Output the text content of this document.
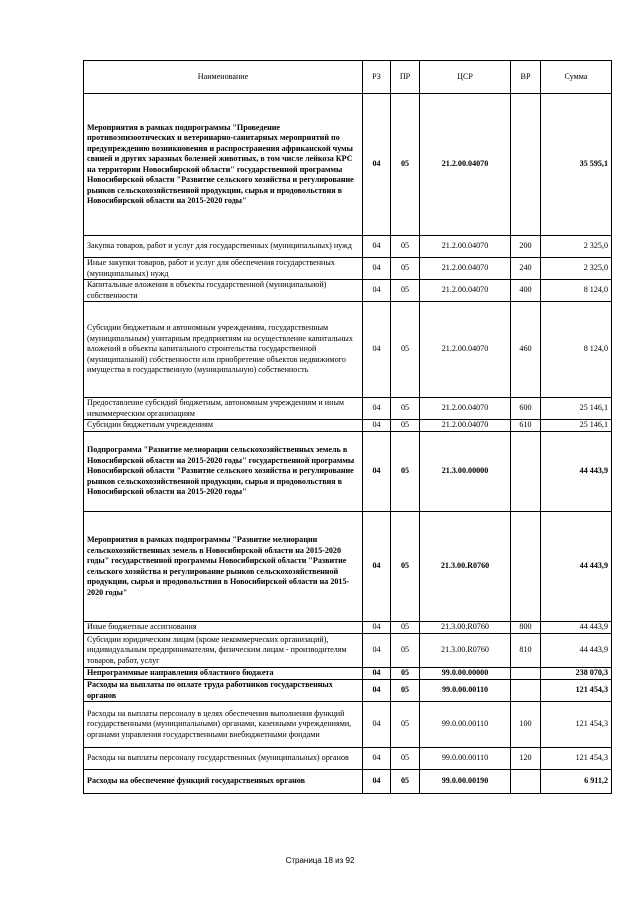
Наименование	РЗ	ПР	ЦСР	ВР	Сумма
Мероприятия в рамках подпрограммы "Проведение противоэпизоотических и ветеринарно-санитарных мероприятий по предупреждению возникновения и распространения африканской чумы свиней и других заразных болезней животных, в том числе лейкоза КРС на территории Новосибирской области" государственной программы Новосибирской области "Развитие сельского хозяйства и регулирование рынков сельскохозяйственной продукции, сырья и продовольствия в Новосибирской области на 2015-2020 годы"	04	05	21.2.00.04070		35 595,1
Закупка товаров, работ и услуг для государственных (муниципальных) нужд	04	05	21.2.00.04070	200	2 325,0
Иные закупки товаров, работ и услуг для обеспечения государственных (муниципальных) нужд	04	05	21.2.00.04070	240	2 325,0
Капитальные вложения в объекты государственной (муниципальной) собственности	04	05	21.2.00.04070	400	8 124,0
Субсидии бюджетным и автономным учреждениям, государственным (муниципальным) унитарным предприятиям на осуществление капитальных вложений в объекты капитального строительства государственной (муниципальной) собственности или приобретение объектов недвижимого имущества в государственную (муниципальную) собственность	04	05	21.2.00.04070	460	8 124,0
Предоставление субсидий бюджетным, автономным учреждениям и иным некоммерческим организациям	04	05	21.2.00.04070	600	25 146,1
Субсидии бюджетным учреждениям	04	05	21.2.00.04070	610	25 146,1
Подпрограмма "Развитие мелиорации сельскохозяйственных земель в Новосибирской области на 2015-2020 годы" государственной программы Новосибирской области "Развитие сельского хозяйства и регулирование рынков сельскохозяйственной продукции, сырья и продовольствия в Новосибирской области на 2015-2020 годы"	04	05	21.3.00.00000		44 443,9
Мероприятия в рамках подпрограммы "Развитие мелиорации сельскохозяйственных земель в Новосибирской области на 2015-2020 годы" государственной программы Новосибирской области "Развитие сельского хозяйства и регулирование рынков сельскохозяйственной продукции, сырья и продовольствия в Новосибирской области на 2015-2020 годы"	04	05	21.3.00.R0760		44 443,9
Иные бюджетные ассигнования	04	05	21.3.00.R0760	800	44 443,9
Субсидии юридическим лицам (кроме некоммерческих организаций), индивидуальным предпринимателям, физическим лицам - производителям товаров, работ, услуг	04	05	21.3.00.R0760	810	44 443,9
Непрограммные направления областного бюджета	04	05	99.0.00.00000		238 070,3
Расходы на выплаты по оплате труда работников государственных органов	04	05	99.0.00.00110		121 454,3
Расходы на выплаты персоналу в целях обеспечения выполнения функций государственными (муниципальными) органами, казенными учреждениями, органами управления государственными внебюджетными фондами	04	05	99.0.00.00110	100	121 454,3
Расходы на выплаты персоналу государственных (муниципальных) органов	04	05	99.0.00.00110	120	121 454,3
Расходы на обеспечение функций государственных органов	04	05	99.0.00.00190		6 911,2
Страница 18 из 92
